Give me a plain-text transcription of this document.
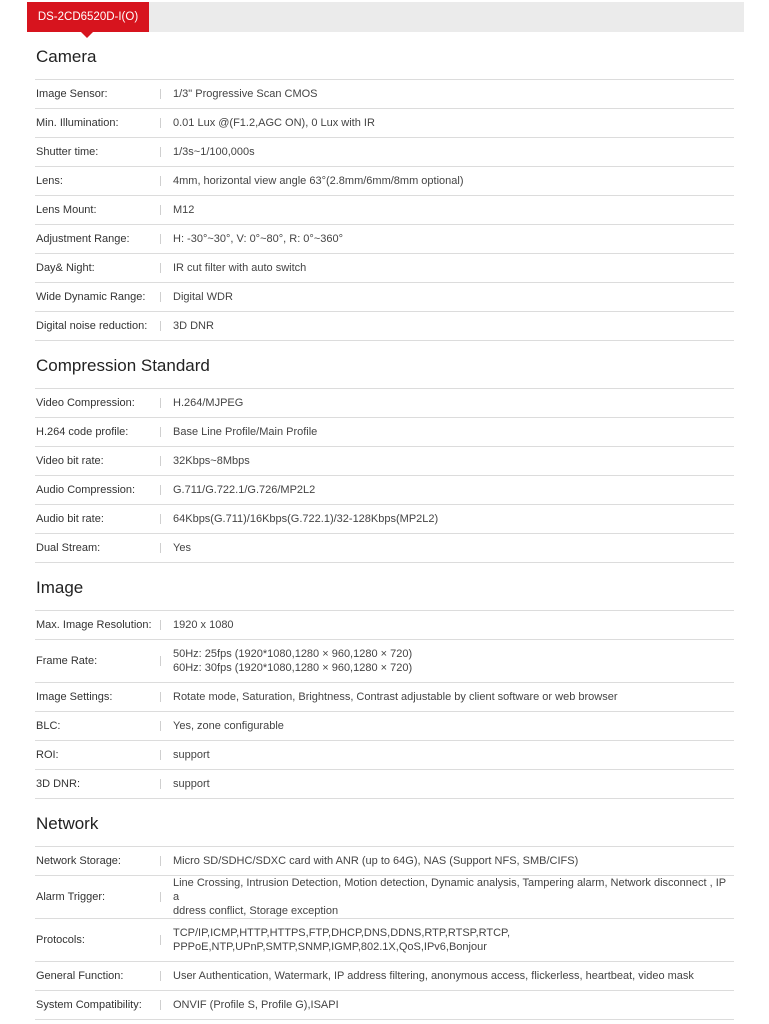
DS-2CD6520D-I(O)
Camera
Image Sensor:	1/3" Progressive Scan CMOS
Min. Illumination:	0.01 Lux @(F1.2,AGC ON), 0 Lux with IR
Shutter time:	1/3s~1/100,000s
Lens:	4mm, horizontal view angle 63°(2.8mm/6mm/8mm optional)
Lens Mount:	M12
Adjustment Range:	H: -30°~30°, V: 0°~80°, R: 0°~360°
Day& Night:	IR cut filter with auto switch
Wide Dynamic Range:	Digital WDR
Digital noise reduction:	3D DNR
Compression Standard
Video Compression:	H.264/MJPEG
H.264 code profile:	Base Line Profile/Main Profile
Video bit rate:	32Kbps~8Mbps
Audio Compression:	G.711/G.722.1/G.726/MP2L2
Audio bit rate:	64Kbps(G.711)/16Kbps(G.722.1)/32-128Kbps(MP2L2)
Dual Stream:	Yes
Image
Max. Image Resolution:	1920 x 1080
Frame Rate:
50Hz: 25fps (1920*1080,1280 × 960,1280 × 720)
60Hz: 30fps (1920*1080,1280 × 960,1280 × 720)
Image Settings:	Rotate mode, Saturation, Brightness, Contrast adjustable by client software or web browser
BLC:	Yes, zone configurable
ROI:	support
3D DNR:	support
Network
Network Storage:	Micro SD/SDHC/SDXC card with ANR (up to 64G), NAS (Support NFS, SMB/CIFS)
Alarm Trigger:
Line Crossing, Intrusion Detection, Motion detection, Dynamic analysis, Tampering alarm, Network disconnect , IP a
ddress conflict, Storage exception
Protocols:
TCP/IP,ICMP,HTTP,HTTPS,FTP,DHCP,DNS,DDNS,RTP,RTSP,RTCP,
PPPoE,NTP,UPnP,SMTP,SNMP,IGMP,802.1X,QoS,IPv6,Bonjour
General Function:	User Authentication, Watermark, IP address filtering, anonymous access, flickerless, heartbeat, video mask
System Compatibility:	ONVIF (Profile S, Profile G),ISAPI
